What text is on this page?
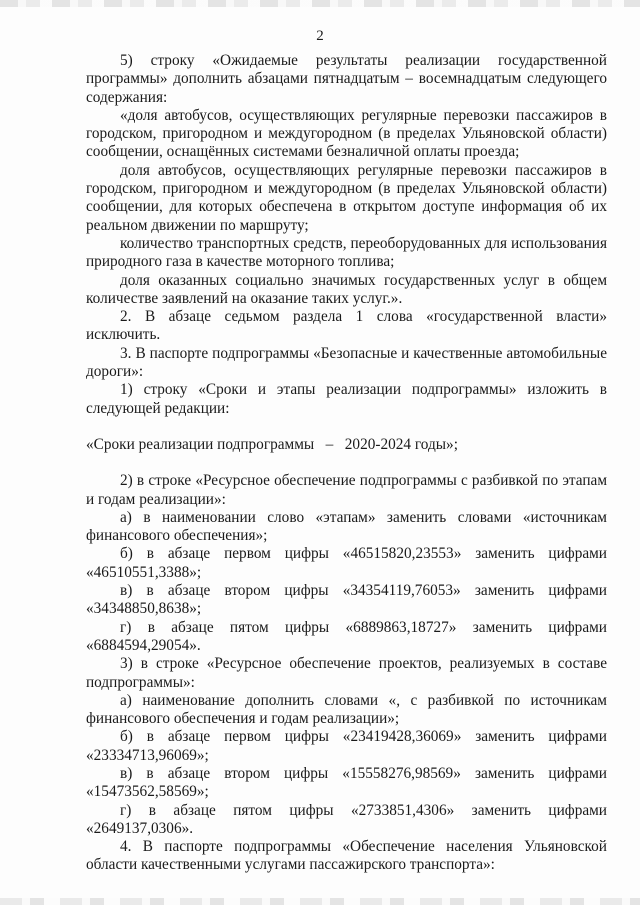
2

5) строку «Ожидаемые результаты реализации государственной программы» дополнить абзацами пятнадцатым – восемнадцатым следующего содержания:

«доля автобусов, осуществляющих регулярные перевозки пассажиров в городском, пригородном и междугородном (в пределах Ульяновской области) сообщении, оснащённых системами безналичной оплаты проезда;

доля автобусов, осуществляющих регулярные перевозки пассажиров в городском, пригородном и междугородном (в пределах Ульяновской области) сообщении, для которых обеспечена в открытом доступе информация об их реальном движении по маршруту;

количество транспортных средств, переоборудованных для использования природного газа в качестве моторного топлива;

доля оказанных социально значимых государственных услуг в общем количестве заявлений на оказание таких услуг.».

2. В абзаце седьмом раздела 1 слова «государственной власти» исключить.

3. В паспорте подпрограммы «Безопасные и качественные автомобильные дороги»:

1) строку «Сроки и этапы реализации подпрограммы» изложить в следующей редакции:

«Сроки реализации подпрограммы   –   2020-2024 годы»;

2) в строке «Ресурсное обеспечение подпрограммы с разбивкой по этапам и годам реализации»:

а) в наименовании слово «этапам» заменить словами «источникам финансового обеспечения»;

б) в абзаце первом цифры «46515820,23553» заменить цифрами «46510551,3388»;

в) в абзаце втором цифры «34354119,76053» заменить цифрами «34348850,8638»;

г) в абзаце пятом цифры «6889863,18727» заменить цифрами «6884594,29054».

3) в строке «Ресурсное обеспечение проектов, реализуемых в составе подпрограммы»:

а) наименование дополнить словами «, с разбивкой по источникам финансового обеспечения и годам реализации»;

б) в абзаце первом цифры «23419428,36069» заменить цифрами «23334713,96069»;

в) в абзаце втором цифры «15558276,98569» заменить цифрами «15473562,58569»;

г) в абзаце пятом цифры «2733851,4306» заменить цифрами «2649137,0306».

4. В паспорте подпрограммы «Обеспечение населения Ульяновской области качественными услугами пассажирского транспорта»:
